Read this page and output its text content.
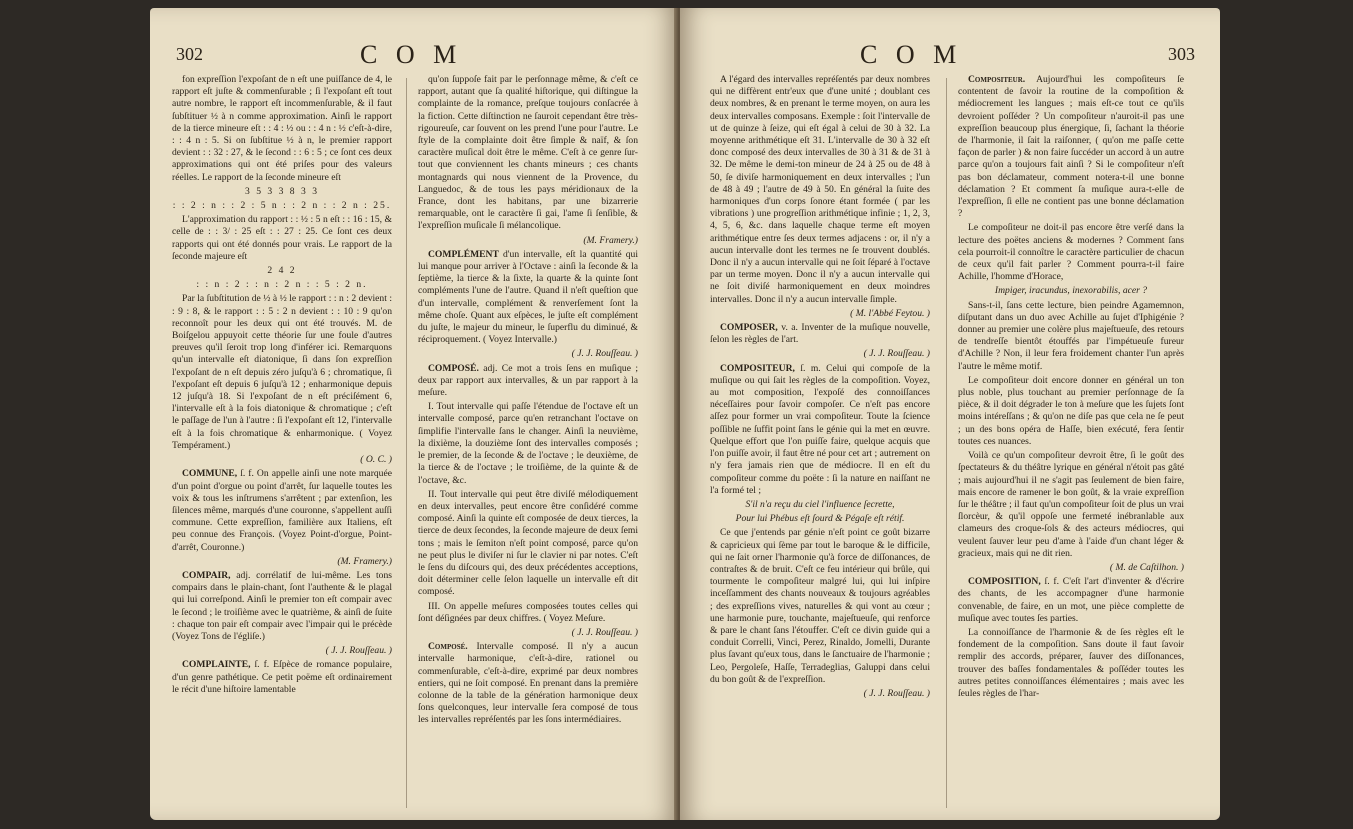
302	C O M

fon expreſſion l'expoſant de n eſt une puiſſance de 4, le rapport eſt juſte & commenſurable ; ſi l'expoſant eſt tout autre nombre, le rapport eſt incommenſurable, & il faut ſubſtituer ½ à n comme approximation. Ainſi le rapport de la tierce mineure eſt : : 4 : ½ ou : : 4 n : ½ c'eſt-à-dire, : : 4 n : 5. Si on ſubſtitue ½ à n, le premier rapport devient : : 32 : 27, & le ſecond : : 6 : 5 ; ce ſont ces deux approximations qui ont été priſes pour des valeurs réelles. Le rapport de la ſeconde mineure eſt

3 5 3 3 8 3 3

: : 2 : n : : 2 : 5 n : : 2 n : : 2 n : 25.

L'approximation du rapport : : ½ : 5 n eſt : : 16 : 15, & celle de : : 3/ : 25 eſt : : 27 : 25. Ce ſont ces deux rapports qui ont été donnés pour vrais. Le rapport de la ſeconde majeure eſt

2 4 2

: : n : 2 : : n : 2 n : : 5 : 2 n.

Par la ſubſtitution de ½ à ½ le rapport : : n : 2 devient : : 9 : 8, & le rapport : : 5 : 2 n devient : : 10 : 9 qu'on reconnoît pour les deux qui ont été trouvés. M. de Boiſgelou appuyoit cette théorie ſur une foule d'autres preuves qu'il ſeroit trop long d'inférer ici. Remarquons qu'un intervalle eſt diatonique, ſi dans ſon expreſſion l'expoſant de n eſt depuis zéro juſqu'à 6 ; chromatique, ſi l'expoſant eſt depuis 6 juſqu'à 12 ; enharmonique depuis 12 juſqu'à 18. Si l'expoſant de n eſt préciſément 6, l'intervalle eſt à la fois diatonique & chromatique ; c'eſt le paſſage de l'un à l'autre : ſi l'expoſant eſt 12, l'intervalle eſt à la fois chromatique & enharmonique. ( Voyez Tempérament.)

( O. C. )

COMMUNE, ſ. f. On appelle ainſi une note marquée d'un point d'orgue ou point d'arrêt, ſur laquelle toutes les voix & tous les inſtrumens s'arrêtent ; par extenſion, les ſilences même, marqués d'une couronne, s'appellent auſſi commune. Cette expreſſion, familière aux Italiens, eſt peu connue des François. (Voyez Point-d'orgue, Point-d'arrêt, Couronne.)

(M. Framery.)

COMPAIR, adj. corrélatif de lui-même. Les tons compairs dans le plain-chant, ſont l'authente & le plagal qui lui correſpond. Ainſi le premier ton eſt compair avec le ſecond ; le troiſième avec le quatrième, & ainſi de ſuite : chaque ton pair eſt compair avec l'impair qui le précède (Voyez Tons de l'égliſe.)

( J. J. Rouſſeau. )

COMPLAINTE, ſ. f. Eſpèce de romance populaire, d'un genre pathétique. Ce petit poëme eſt ordinairement le récit d'une hiſtoire lamentable

qu'on ſuppoſe fait par le perſonnage même, & c'eſt ce rapport, autant que ſa qualité hiſtorique, qui diſtingue la complainte de la romance, preſque toujours conſacrée à la fiction. Cette diſtinction ne ſauroit cependant être très-rigoureuſe, car ſouvent on les prend l'une pour l'autre. Le ſtyle de la complainte doit être ſimple & naïf, & ſon caractère muſical doit être le même. C'eſt à ce genre ſur-tout que conviennent les chants mineurs ; ces chants montagnards qui nous viennent de la Provence, du Languedoc, & de tous les pays méridionaux de la France, dont les habitans, par une bizarrerie remarquable, ont le caractère ſi gai, l'ame ſi ſenſible, & l'expreſſion muſicale ſi mélancolique.

(M. Framery.)

COMPLÉMENT d'un intervalle, eſt la quantité qui lui manque pour arriver à l'Octave : ainſi la ſeconde & la ſeptième, la tierce & la ſixte, la quarte & la quinte ſont compléments l'une de l'autre. Quand il n'eſt queſtion que d'un intervalle, complément & renverſement ſont la même choſe. Quant aux eſpèces, le juſte eſt complément du juſte, le majeur du mineur, le ſuperflu du diminué, & réciproquement. ( Voyez Intervalle.)

( J. J. Rouſſeau. )

COMPOSÉ. adj. Ce mot a trois ſens en muſique ; deux par rapport aux intervalles, & un par rapport à la meſure.

I. Tout intervalle qui paſſe l'étendue de l'octave eſt un intervalle composé, parce qu'en retranchant l'octave on ſimplifie l'intervalle ſans le changer. Ainſi la neuvième, la dixième, la douzième ſont des intervalles composés ; le premier, de la ſeconde & de l'octave ; le deuxième, de la tierce & de l'octave ; le troiſième, de la quinte & de l'octave, &c.

II. Tout intervalle qui peut être diviſé mélodiquement en deux intervalles, peut encore être conſidéré comme composé. Ainſi la quinte eſt composée de deux tierces, la tierce de deux ſecondes, la ſeconde majeure de deux ſemi tons ; mais le ſemiton n'eſt point composé, parce qu'on ne peut plus le diviſer ni ſur le clavier ni par notes. C'eſt le ſens du diſcours qui, des deux précédentes acceptions, doit déterminer celle ſelon laquelle un intervalle eſt dit composé.

III. On appelle meſures composées toutes celles qui ſont déſignées par deux chiffres. ( Voyez Meſure.

( J. J. Rouſſeau. )

Composé. Intervalle composé. Il n'y a aucun intervalle harmonique, c'eſt-à-dire, rationel ou commenſurable, c'eſt-à-dire, exprimé par deux nombres entiers, qui ne ſoit composé. En prenant dans la première colonne de la table de la génération harmonique deux ſons quelconques, leur intervalle ſera composé de tous les intervalles repréſentés par les ſons intermédiaires.

C O M	303

A l'égard des intervalles repréſentés par deux nombres qui ne diffèrent entr'eux que d'une unité ; doublant ces deux nombres, & en prenant le terme moyen, on aura les deux intervalles composans. Exemple : ſoit l'intervalle de ut de quinze à ſeize, qui eſt égal à celui de 30 à 32. La moyenne arithmétique eſt 31. L'intervalle de 30 à 32 eſt donc composé des deux intervalles de 30 à 31 & de 31 à 32. De même le demi-ton mineur de 24 à 25 ou de 48 à 50, ſe diviſe harmoniquement en deux intervalles ; l'un de 48 à 49 ; l'autre de 49 à 50. En général la ſuite des harmoniques d'un corps ſonore étant formée ( par les vibrations ) une progreſſion arithmétique infinie ; 1, 2, 3, 4, 5, 6, &c. dans laquelle chaque terme eſt moyen arithmétique entre ſes deux termes adjacens : or, il n'y a aucun intervalle dont les termes ne ſe trouvent doublés. Donc il n'y a aucun intervalle qui ne ſoit ſéparé à l'octave par un terme moyen. Donc il n'y a aucun intervalle qui ne ſoit diviſé harmoniquement en deux moindres intervalles. Donc il n'y a aucun intervalle ſimple.

( M. l'Abbé Feytou. )

COMPOSER, v. a. Inventer de la muſique nouvelle, ſelon les règles de l'art.

( J. J. Rouſſeau. )

COMPOSITEUR, ſ. m. Celui qui compoſe de la muſique ou qui ſait les règles de la compoſition. Voyez, au mot composition, l'expoſé des connoiſſances néceſſaires pour ſavoir compoſer. Ce n'eſt pas encore aſſez pour former un vrai compoſiteur. Toute la ſcience poſſible ne ſuffit point ſans le génie qui la met en œuvre. Quelque effort que l'on puiſſe faire, quelque acquis que l'on puiſſe avoir, il faut être né pour cet art ; autrement on n'y fera jamais rien que de médiocre. Il en eſt du compoſiteur comme du poëte : ſi la nature en naiſſant ne l'a formé tel ;

S'il n'a reçu du ciel l'influence ſecrette,

Pour lui Phébus eſt ſourd & Pégaſe eſt rétif.

Ce que j'entends par génie n'eſt point ce goût bizarre & capricieux qui ſème par tout le baroque & le difficile, qui ne ſait orner l'harmonie qu'à force de diſſonances, de contraſtes & de bruit. C'eſt ce feu intérieur qui brûle, qui tourmente le compoſiteur malgré lui, qui lui inſpire inceſſamment des chants nouveaux & toujours agréables ; des expreſſions vives, naturelles & qui vont au cœur ; une harmonie pure, touchante, majeſtueuſe, qui renforce & pare le chant ſans l'étouffer. C'eſt ce divin guide qui a conduit Correlli, Vinci, Perez, Rinaldo, Jomelli, Durante plus ſavant qu'eux tous, dans le ſanctuaire de l'harmonie ; Leo, Pergoleſe, Haſſe, Terradeglias, Galuppi dans celui du bon goût & de l'expreſſion.

( J. J. Rouſſeau. )

Compositeur. Aujourd'hui les compoſiteurs ſe contentent de ſavoir la routine de la compoſition & médiocrement les langues ; mais eſt-ce tout ce qu'ils devroient poſſéder ? Un compoſiteur n'auroit-il pas une expreſſion beaucoup plus énergique, ſi, ſachant la théorie de l'harmonie, il ſait la raiſonner, ( qu'on me paſſe cette façon de parler ) & non faire ſuccéder un accord à un autre parce qu'on a toujours fait ainſi ? Si le compoſiteur n'eſt pas bon déclamateur, comment notera-t-il une bonne déclamation ? Et comment ſa muſique aura-t-elle de l'expreſſion, ſi elle ne contient pas une bonne déclamation ?

Le compoſiteur ne doit-il pas encore être verſé dans la lecture des poëtes anciens & modernes ? Comment ſans cela pourroit-il connoître le caractère particulier de chacun de ceux qu'il fait parler ? Comment pourra-t-il faire Achille, l'homme d'Horace,

Impiger, iracundus, inexorabilis, acer ?

Sans-t-il, ſans cette lecture, bien peindre Agamemnon, diſputant dans un duo avec Achille au ſujet d'Iphigénie ? donner au premier une colère plus majeſtueuſe, des retours de tendreſſe bientôt étouffés par l'impétueuſe fureur d'Achille ? Non, il leur fera froidement chanter l'un après l'autre le même motif.

Le compoſiteur doit encore donner en général un ton plus noble, plus touchant au premier perſonnage de ſa pièce, & il doit dégrader le ton à meſure que les ſujets ſont moins intéreſſans ; & qu'on ne diſe pas que cela ne ſe peut ; un des bons opéra de Haſſe, bien exécuté, fera ſentir toutes ces nuances.

Voilà ce qu'un compoſiteur devroit être, ſi le goût des ſpectateurs & du théâtre lyrique en général n'étoit pas gâté ; mais aujourd'hui il ne s'agit pas ſeulement de bien faire, mais encore de ramener le bon goût, & la vraie expreſſion ſur le théâtre ; il faut qu'un compoſiteur ſoit de plus un vrai ſlorcèur, & qu'il oppoſe une fermeté inébranlable aux clameurs des croque-ſols & des acteurs médiocres, qui veulent ſauver leur peu d'ame à l'aide d'un chant léger & gracieux, mais qui ne dit rien.

( M. de Caſtilhon. )

COMPOSITION, ſ. f. C'eſt l'art d'inventer & d'écrire des chants, de les accompagner d'une harmonie convenable, de faire, en un mot, une pièce complette de muſique avec toutes ſes parties.

La connoiſſance de l'harmonie & de ſes règles eſt le fondement de la compoſition. Sans doute il faut ſavoir remplir des accords, préparer, ſauver des diſſonances, trouver des baſſes fondamentales & poſſéder toutes les autres petites connoiſſances élémentaires ; mais avec les ſeules règles de l'har-
